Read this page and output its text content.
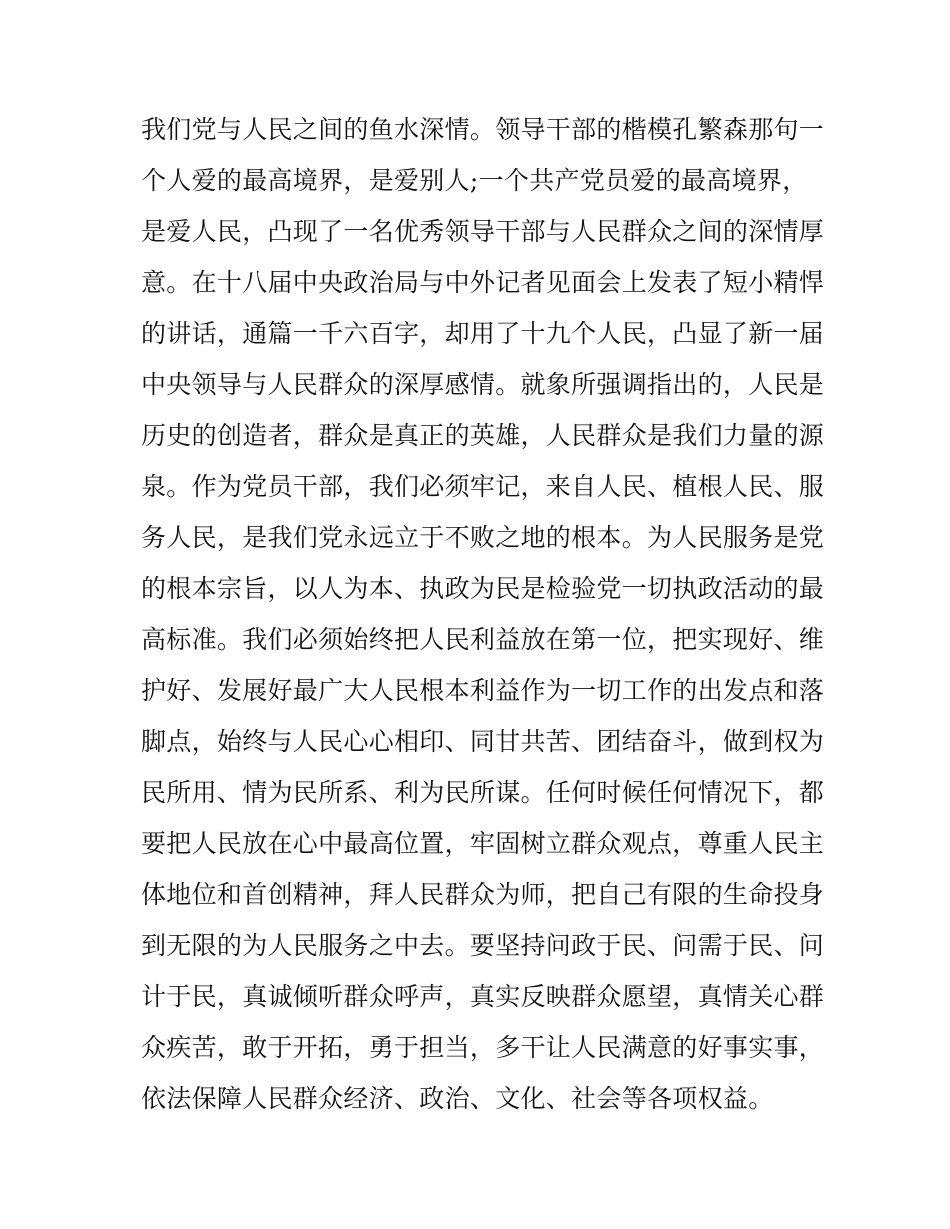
我们党与人民之间的鱼水深情。领导干部的楷模孔繁森那句一
个人爱的最高境界，是爱别人;一个共产党员爱的最高境界，
是爱人民，凸现了一名优秀领导干部与人民群众之间的深情厚
意。在十八届中央政治局与中外记者见面会上发表了短小精悍
的讲话，通篇一千六百字，却用了十九个人民，凸显了新一届
中央领导与人民群众的深厚感情。就象所强调指出的，人民是
历史的创造者，群众是真正的英雄，人民群众是我们力量的源
泉。作为党员干部，我们必须牢记，来自人民、植根人民、服
务人民，是我们党永远立于不败之地的根本。为人民服务是党
的根本宗旨，以人为本、执政为民是检验党一切执政活动的最
高标准。我们必须始终把人民利益放在第一位，把实现好、维
护好、发展好最广大人民根本利益作为一切工作的出发点和落
脚点，始终与人民心心相印、同甘共苦、团结奋斗，做到权为
民所用、情为民所系、利为民所谋。任何时候任何情况下，都
要把人民放在心中最高位置，牢固树立群众观点，尊重人民主
体地位和首创精神，拜人民群众为师，把自己有限的生命投身
到无限的为人民服务之中去。要坚持问政于民、问需于民、问
计于民，真诚倾听群众呼声，真实反映群众愿望，真情关心群
众疾苦，敢于开拓，勇于担当，多干让人民满意的好事实事，
依法保障人民群众经济、政治、文化、社会等各项权益。
